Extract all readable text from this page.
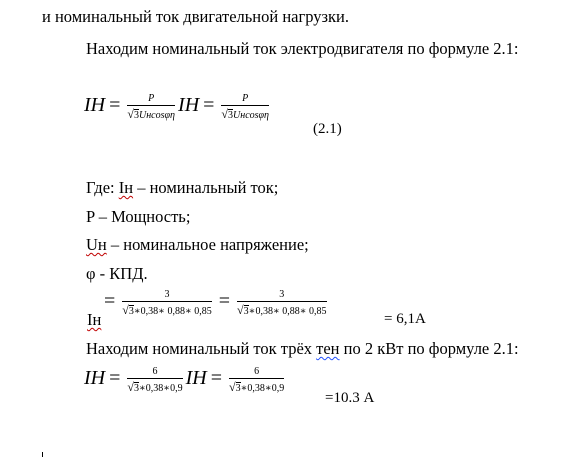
и номинальный ток двигательной нагрузки.
Находим номинальный ток электродвигателя по формуле 2.1:
IН = $\frac{P}{√3Uн\cos\varphi\eta}$ IН = $\frac{P}{√3Uн\cos\varphi\eta}$
(2.1)
Где: Iн – номинальный ток;
P – Мощность;
Uн – номинальное напряжение;
φ - КПД.
Iн
= $\frac{3}{√3∗0,38∗ 0,88∗ 0,85} = \frac{3}{√3∗0,38∗ 0,88∗ 0,85}$
= 6,1А
Находим номинальный ток трёх тен по 2 кВт по формуле 2.1:
IН = $\frac{6}{√3∗0,38∗0,9}$ IН = $\frac{6}{√3∗0,38∗0,9}$
=10.3 А
